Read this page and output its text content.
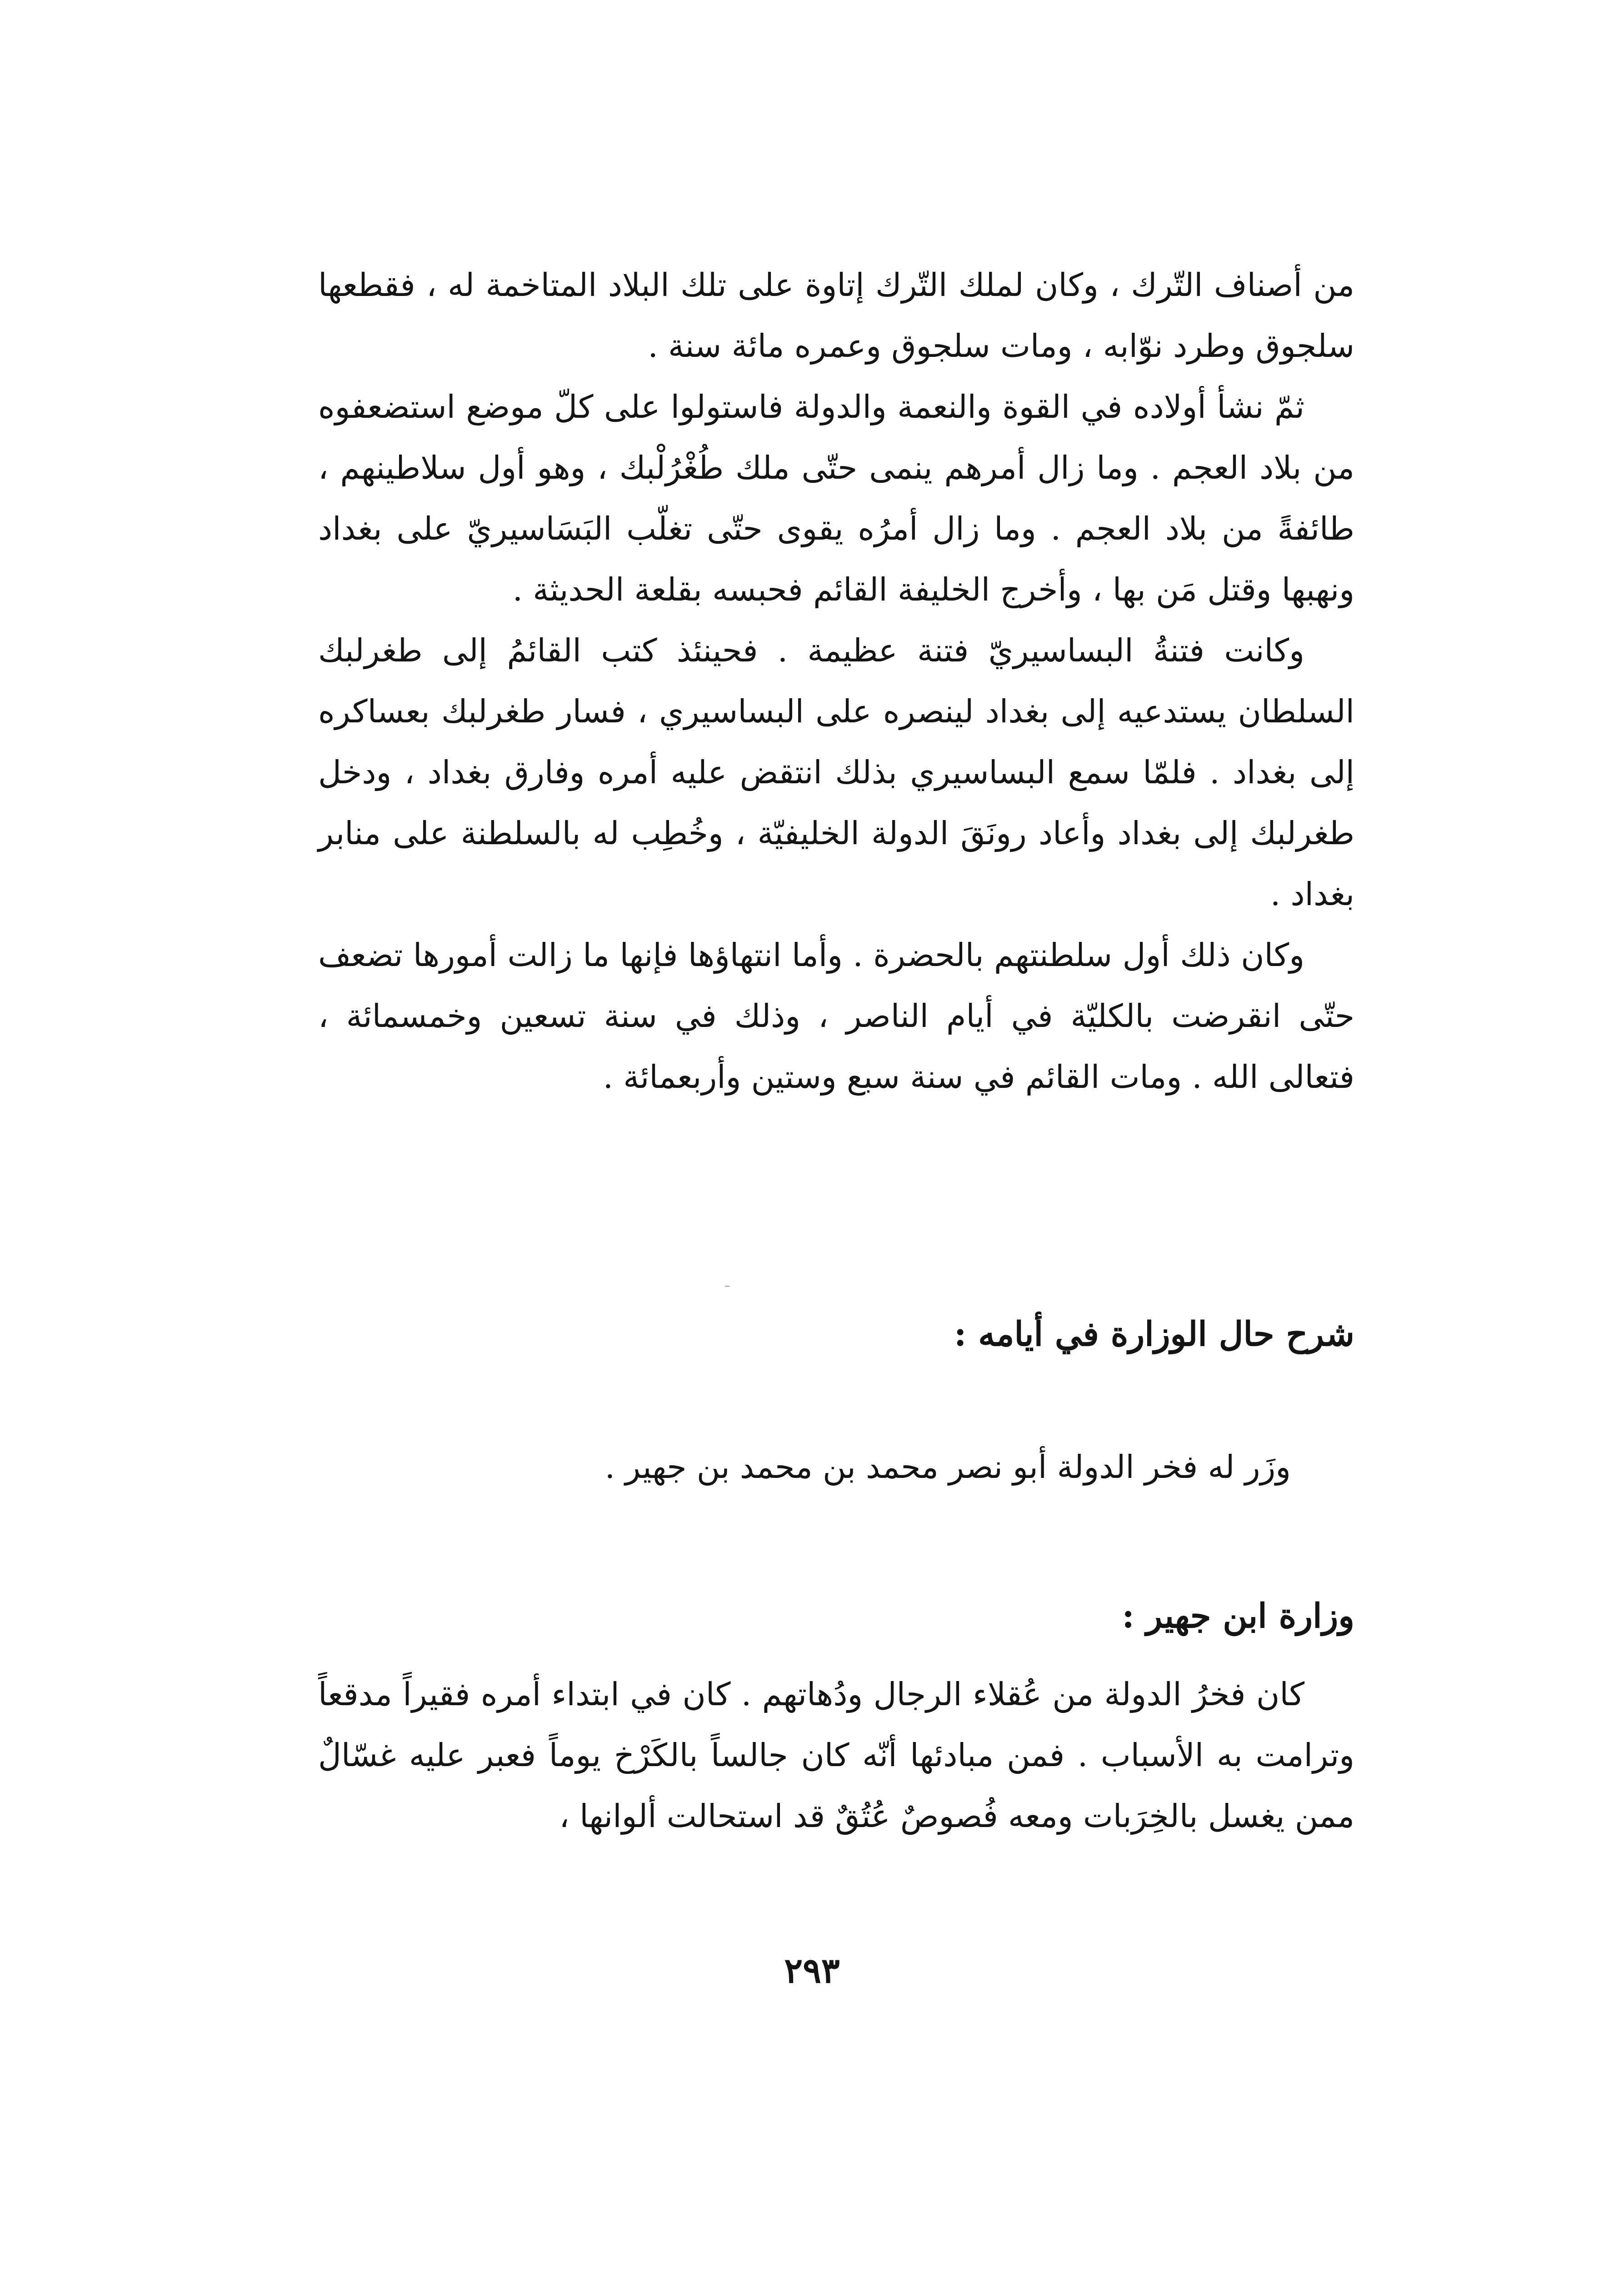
من أصناف التّرك ، وكان لملك التّرك إتاوة على تلك البلاد المتاخمة له ، فقطعها سلجوق وطرد نوّابه ، ومات سلجوق وعمره مائة سنة .

ثمّ نشأ أولاده في القوة والنعمة والدولة فاستولوا على كلّ موضع استضعفوه من بلاد العجم . وما زال أمرهم ينمى حتّى ملك طُغْرُلْبك ، وهو أول سلاطينهم ، طائفةً من بلاد العجم . وما زال أمرُه يقوى حتّى تغلّب البَسَاسيريّ على بغداد ونهبها وقتل مَن بها ، وأخرج الخليفة القائم فحبسه بقلعة الحديثة .

وكانت فتنةُ البساسيريّ فتنة عظيمة . فحينئذ كتب القائمُ إلى طغرلبك السلطان يستدعيه إلى بغداد لينصره على البساسيري ، فسار طغرلبك بعساكره إلى بغداد . فلمّا سمع البساسيري بذلك انتقض عليه أمره وفارق بغداد ، ودخل طغرلبك إلى بغداد وأعاد رونَقَ الدولة الخليفيّة ، وخُطِب له بالسلطنة على منابر بغداد .

وكان ذلك أول سلطنتهم بالحضرة . وأما انتهاؤها فإنها ما زالت أمورها تضعف حتّى انقرضت بالكليّة في أيام الناصر ، وذلك في سنة تسعين وخمسمائة ، فتعالى الله . ومات القائم في سنة سبع وستين وأربعمائة .

شرح حال الوزارة في أيامه :
وزَر له فخر الدولة أبو نصر محمد بن محمد بن جهير .
وزارة ابن جهير :

كان فخرُ الدولة من عُقلاء الرجال ودُهاتهم . كان في ابتداء أمره فقيراً مدقعاً وترامت به الأسباب . فمن مبادئها أنّه كان جالساً بالكَرْخ يوماً فعبر عليه غسّالٌ ممن يغسل بالخِرَبات ومعه فُصوصٌ عُتُقٌ قد استحالت ألوانها ،

٢٩٣
